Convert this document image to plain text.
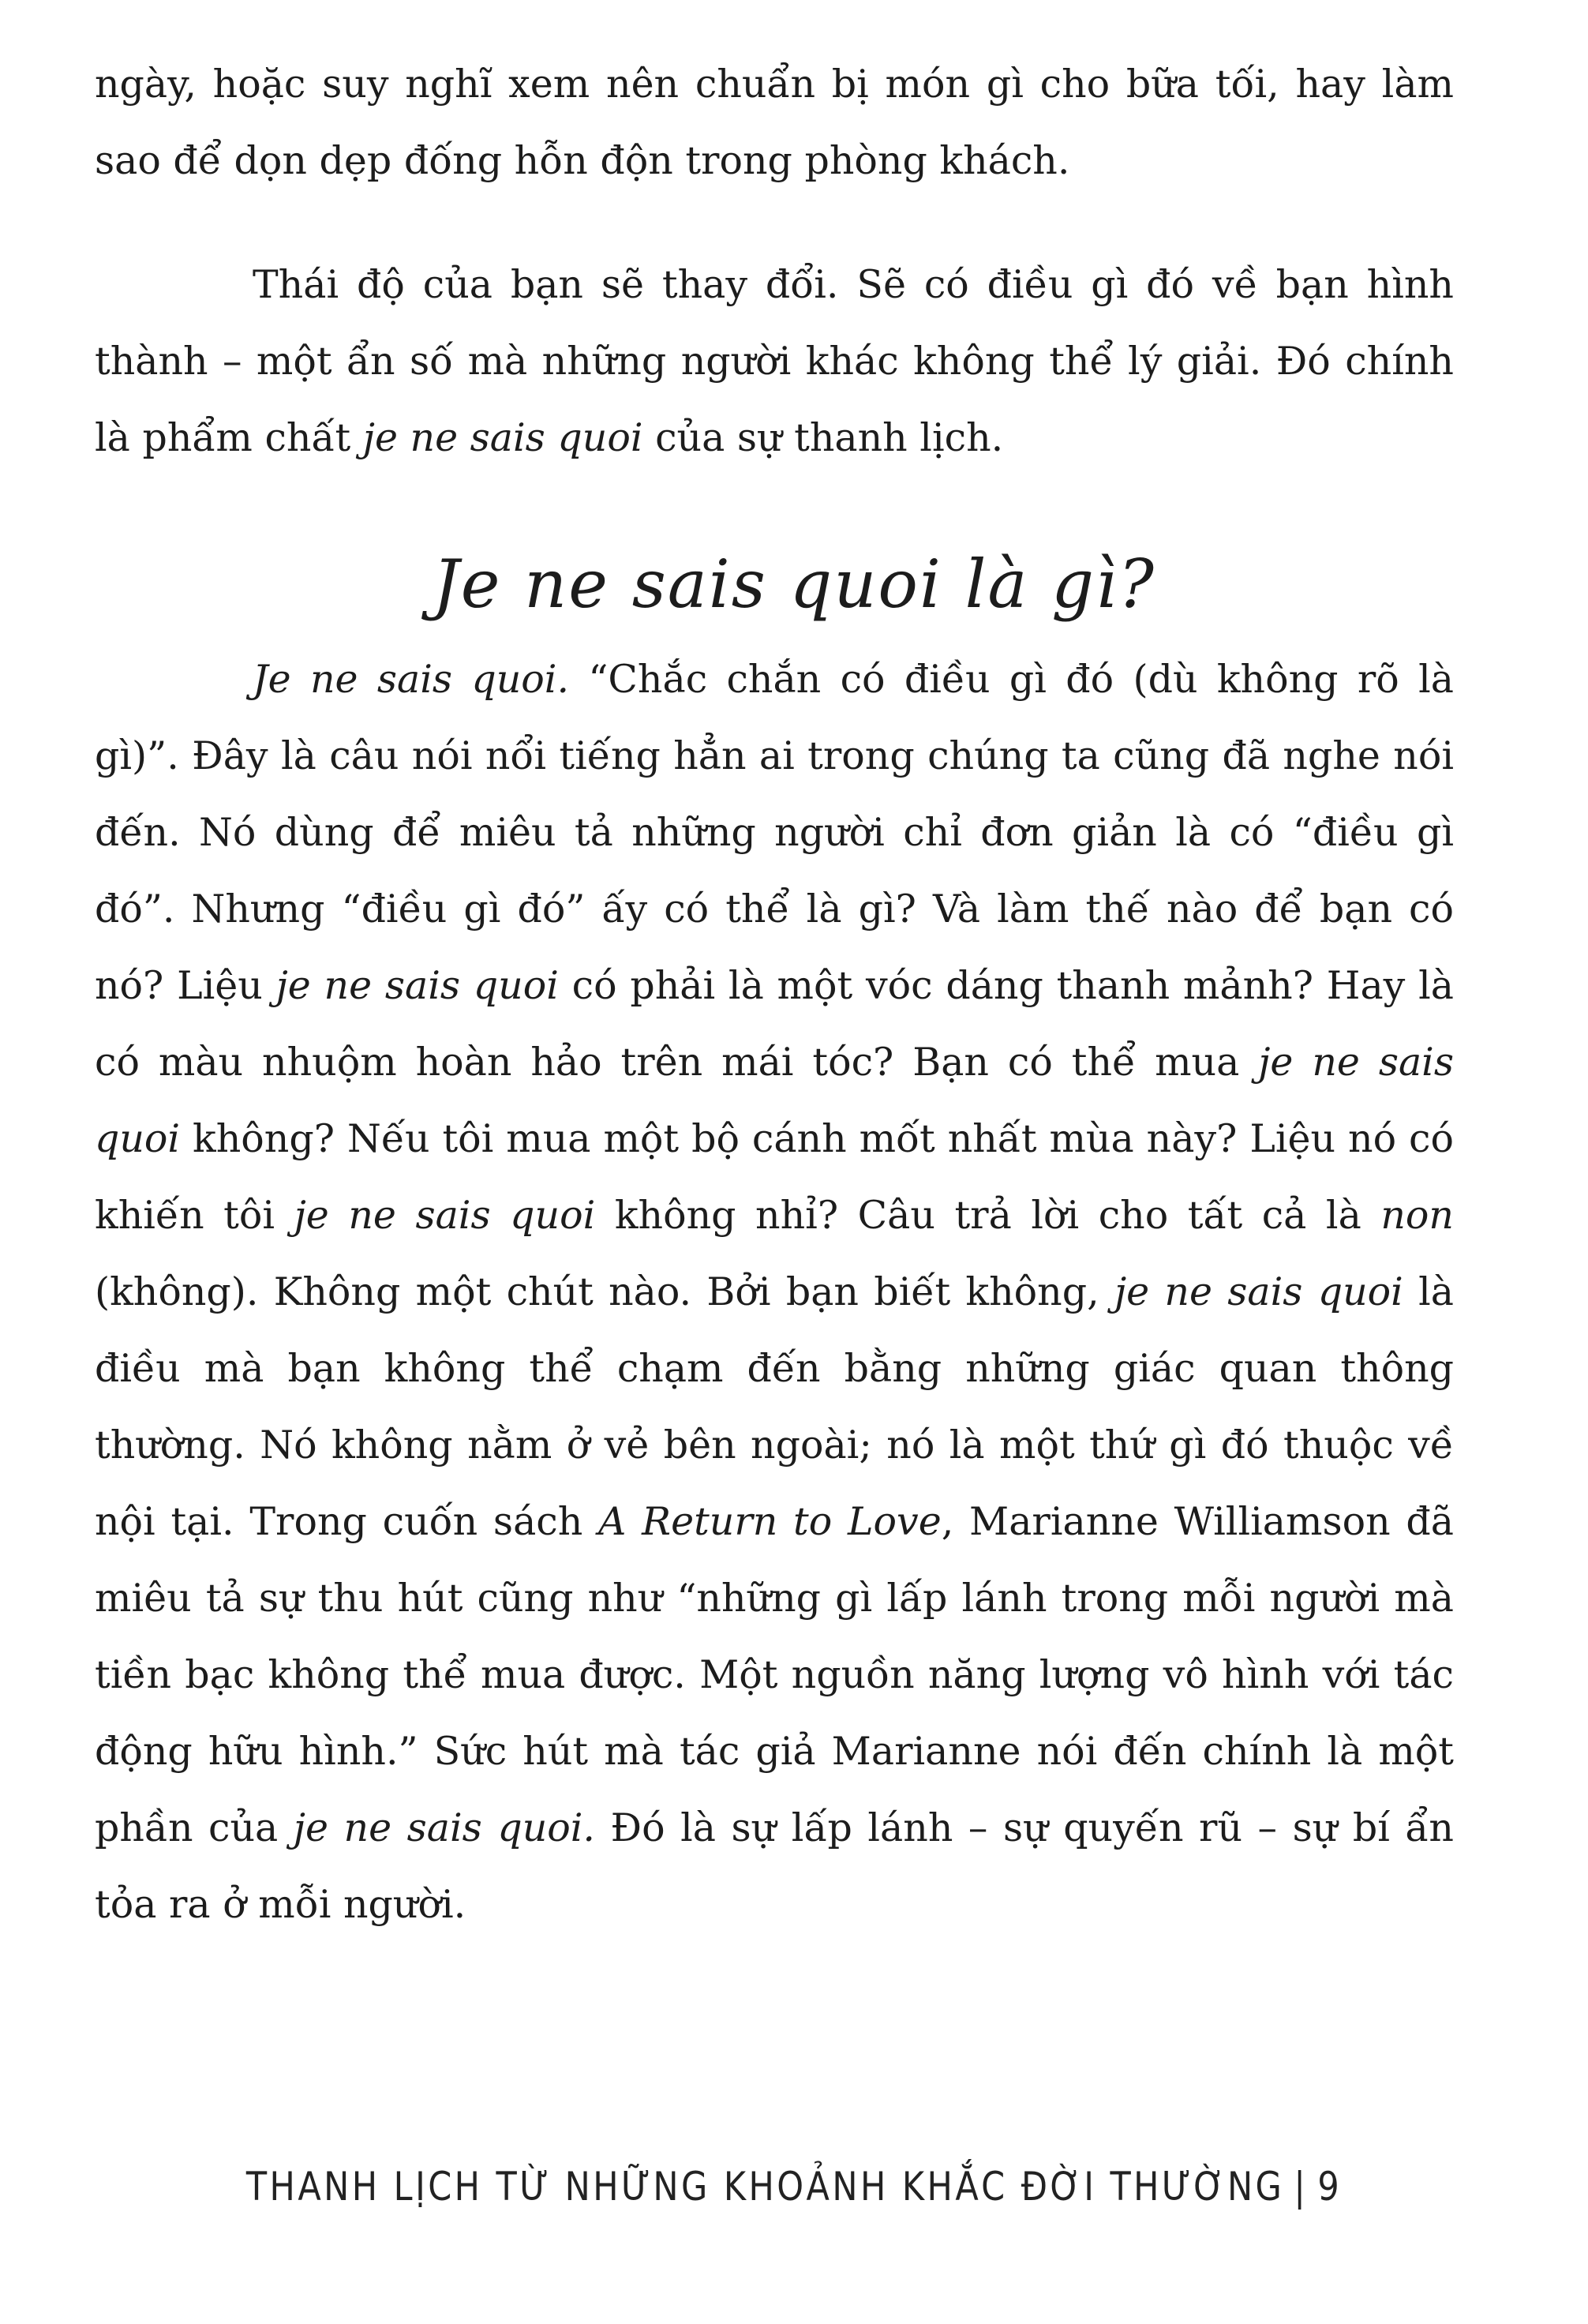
ngày, hoặc suy nghĩ xem nên chuẩn bị món gì cho bữa tối, hay làm sao để dọn dẹp đống hỗn độn trong phòng khách.

Thái độ của bạn sẽ thay đổi. Sẽ có điều gì đó về bạn hình thành – một ẩn số mà những người khác không thể lý giải. Đó chính là phẩm chất je ne sais quoi của sự thanh lịch.

Je ne sais quoi là gì?

Je ne sais quoi. “Chắc chắn có điều gì đó (dù không rõ là gì)”. Đây là câu nói nổi tiếng hẳn ai trong chúng ta cũng đã nghe nói đến. Nó dùng để miêu tả những người chỉ đơn giản là có “điều gì đó”. Nhưng “điều gì đó” ấy có thể là gì? Và làm thế nào để bạn có nó? Liệu je ne sais quoi có phải là một vóc dáng thanh mảnh? Hay là có màu nhuộm hoàn hảo trên mái tóc? Bạn có thể mua je ne sais quoi không? Nếu tôi mua một bộ cánh mốt nhất mùa này? Liệu nó có khiến tôi je ne sais quoi không nhỉ? Câu trả lời cho tất cả là non (không). Không một chút nào. Bởi bạn biết không, je ne sais quoi là điều mà bạn không thể chạm đến bằng những giác quan thông thường. Nó không nằm ở vẻ bên ngoài; nó là một thứ gì đó thuộc về nội tại. Trong cuốn sách A Return to Love, Marianne Williamson đã miêu tả sự thu hút cũng như “những gì lấp lánh trong mỗi người mà tiền bạc không thể mua được. Một nguồn năng lượng vô hình với tác động hữu hình.” Sức hút mà tác giả Marianne nói đến chính là một phần của je ne sais quoi. Đó là sự lấp lánh – sự quyến rũ – sự bí ẩn tỏa ra ở mỗi người.

THANH LỊCH TỪ NHỮNG KHOẢNH KHẮC ĐỜI THƯỜNG | 9
